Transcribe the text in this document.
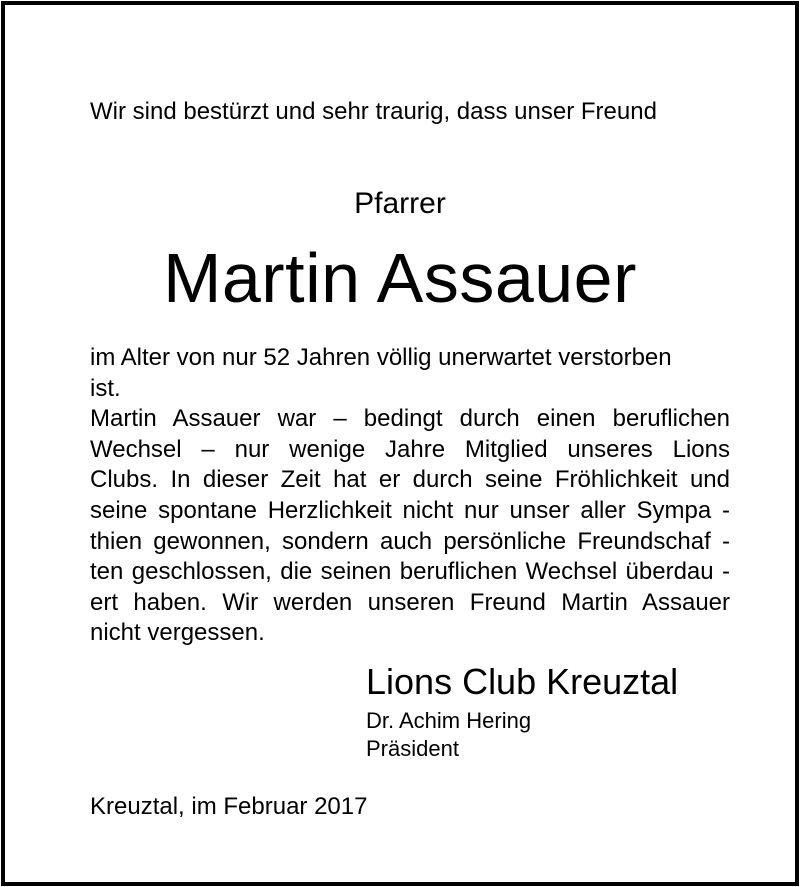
Wir sind bestürzt und sehr traurig, dass unser Freund

Pfarrer

Martin Assauer

im Alter von nur 52 Jahren völlig unerwartet verstorben

ist.

Martin Assauer war – bedingt durch einen beruflichen

Wechsel – nur wenige Jahre Mitglied unseres Lions

Clubs. In dieser Zeit hat er durch seine Fröhlichkeit und

seine spontane Herzlichkeit nicht nur unser aller Sympa -

thien gewonnen, sondern auch persönliche Freundschaf -

ten geschlossen, die seinen beruflichen Wechsel überdau -

ert haben. Wir werden unseren Freund Martin Assauer

nicht vergessen.

Lions Club Kreuztal

Dr. Achim Hering

Präsident

Kreuztal, im Februar 2017
